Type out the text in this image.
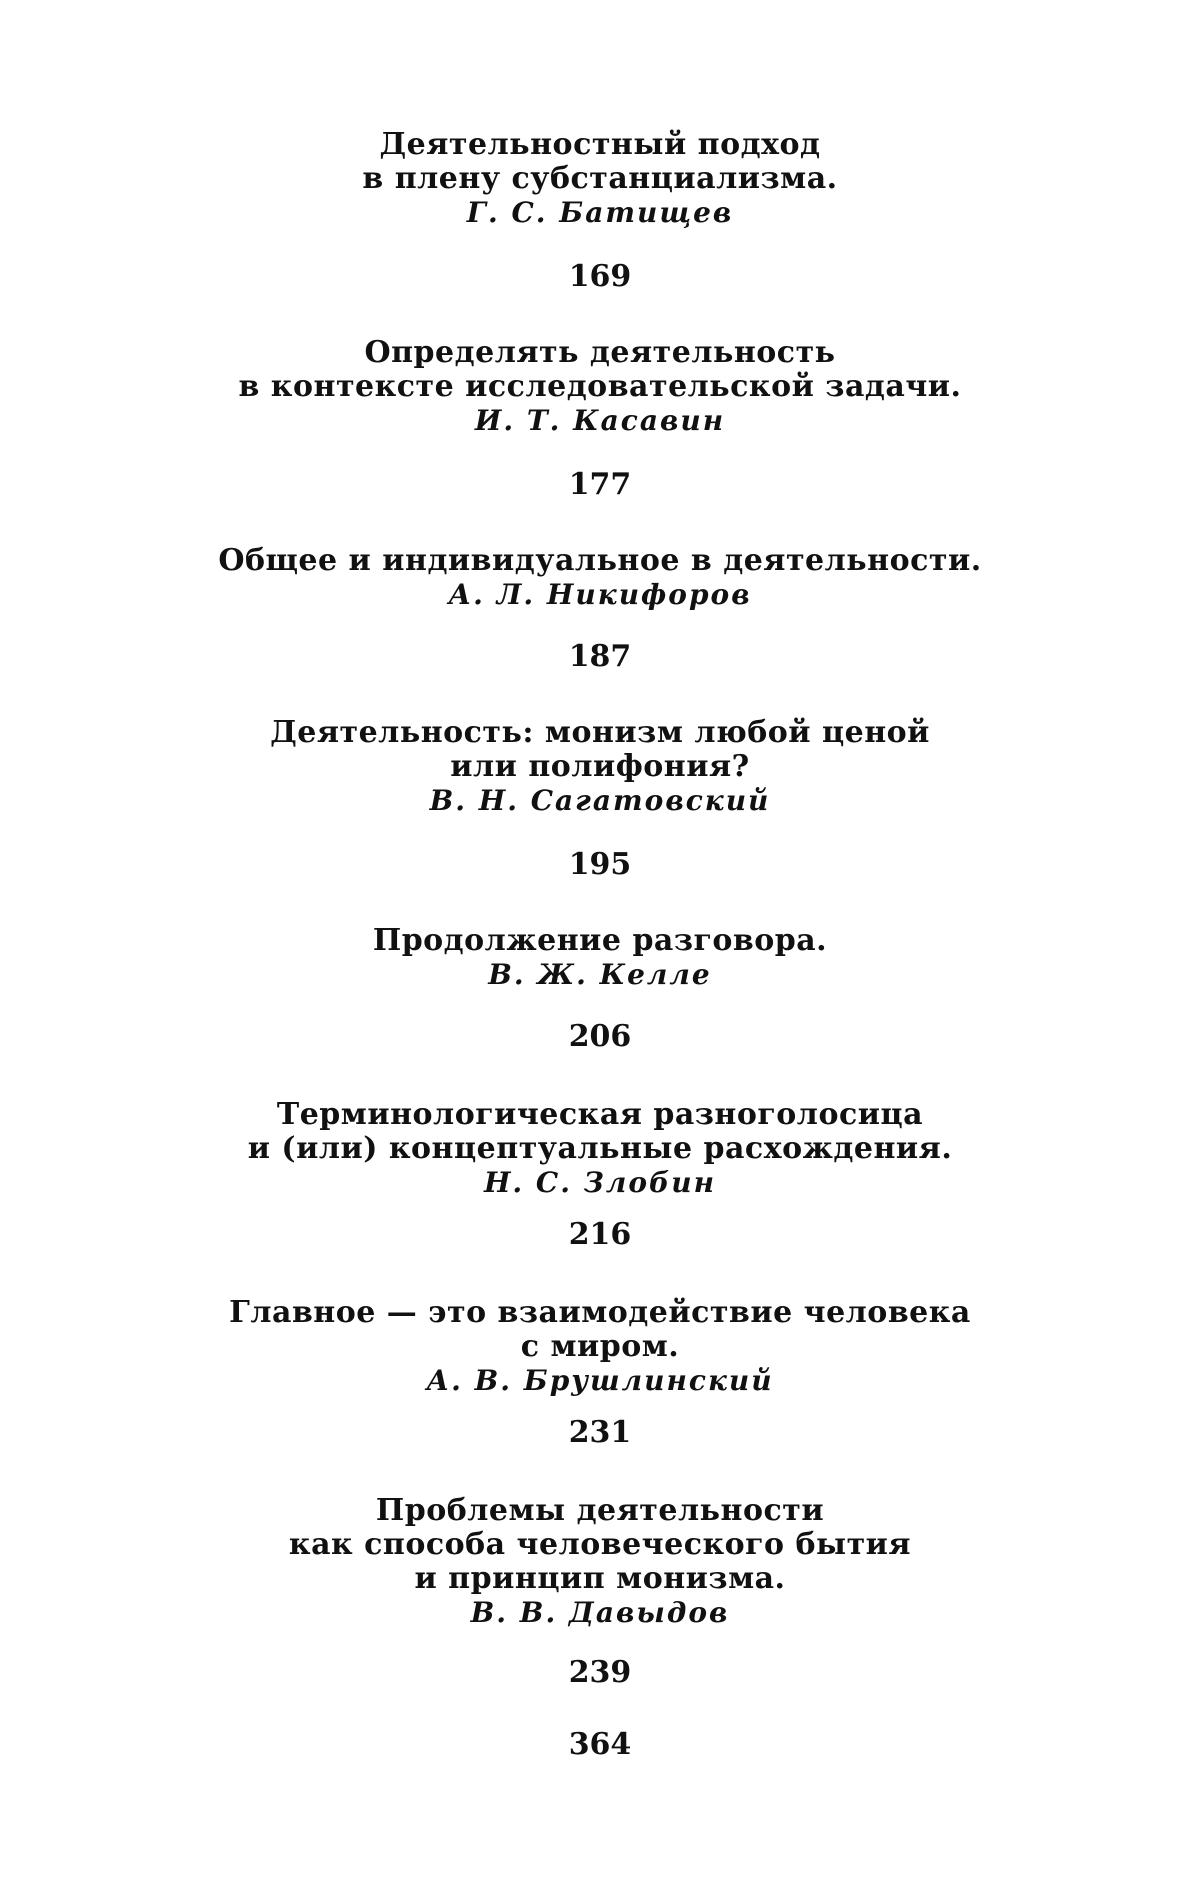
Деятельностный подход
в плену субстанциализма.
Г. С. Батищев
169
Определять деятельность
в контексте исследовательской задачи.
И. Т. Касавин
177
Общее и индивидуальное в деятельности.
А. Л. Никифоров
187
Деятельность: монизм любой ценой
или полифония?
В. Н. Сагатовский
195
Продолжение разговора.
В. Ж. Келле
206
Терминологическая разноголосица
и (или) концептуальные расхождения.
Н. С. Злобин
216
Главное — это взаимодействие человека
с миром.
А. В. Брушлинский
231
Проблемы деятельности
как способа человеческого бытия
и принцип монизма.
В. В. Давыдов
239
364
